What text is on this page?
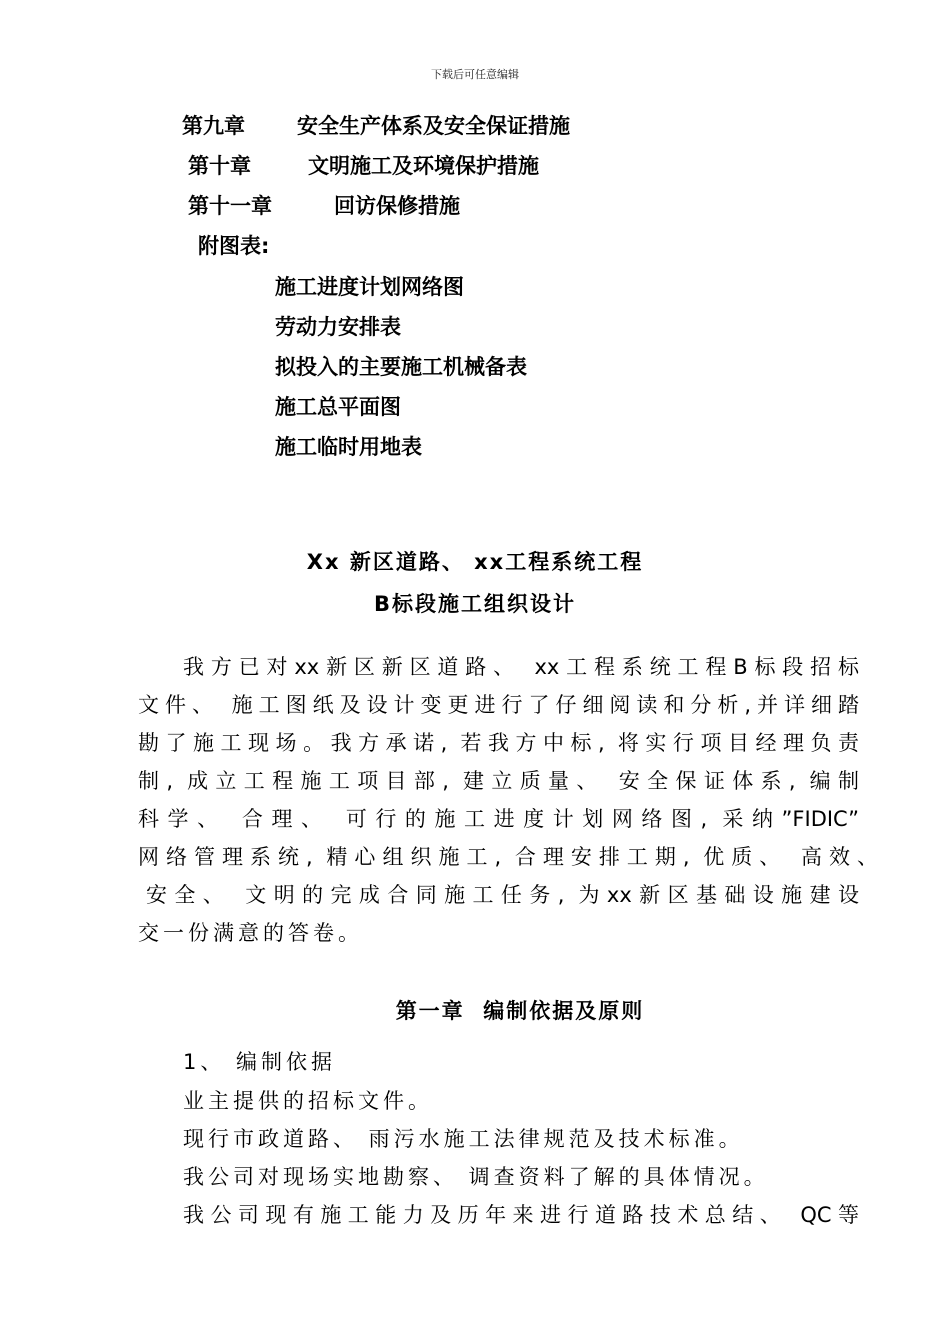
下载后可任意编辑
第九章 安全生产体系及安全保证措施
第十章	文明施工及环境保护措施
第十一章	回访保修措施
附图表:
施工进度计划网络图
劳动力安排表
拟投入的主要施工机械备表
施工总平面图
施工临时用地表
Xx 新区道路、 xx工程系统工程
B标段施工组织设计
我方已对xx新区新区道路、 xx工程系统工程B标段招标
文件、 施工图纸及设计变更进行了仔细阅读和分析,并详细踏
勘了施工现场。我方承诺, 若我方中标, 将实行项目经理负责
制, 成立工程施工项目部, 建立质量、 安全保证体系, 编制
科学、 合理、 可行的施工进度计划网络图, 采纳”FIDIC”
网络管理系统, 精心组织施工, 合理安排工期, 优质、 高效、
安全、 文明的完成合同施工任务, 为xx新区基础设施建设
交一份满意的答卷。
第一章  编制依据及原则
1、 编制依据
业主提供的招标文件。
现行市政道路、 雨污水施工法律规范及技术标准。
我公司对现场实地勘察、 调查资料了解的具体情况。
我公司现有施工能力及历年来进行道路技术总结、 QC等
